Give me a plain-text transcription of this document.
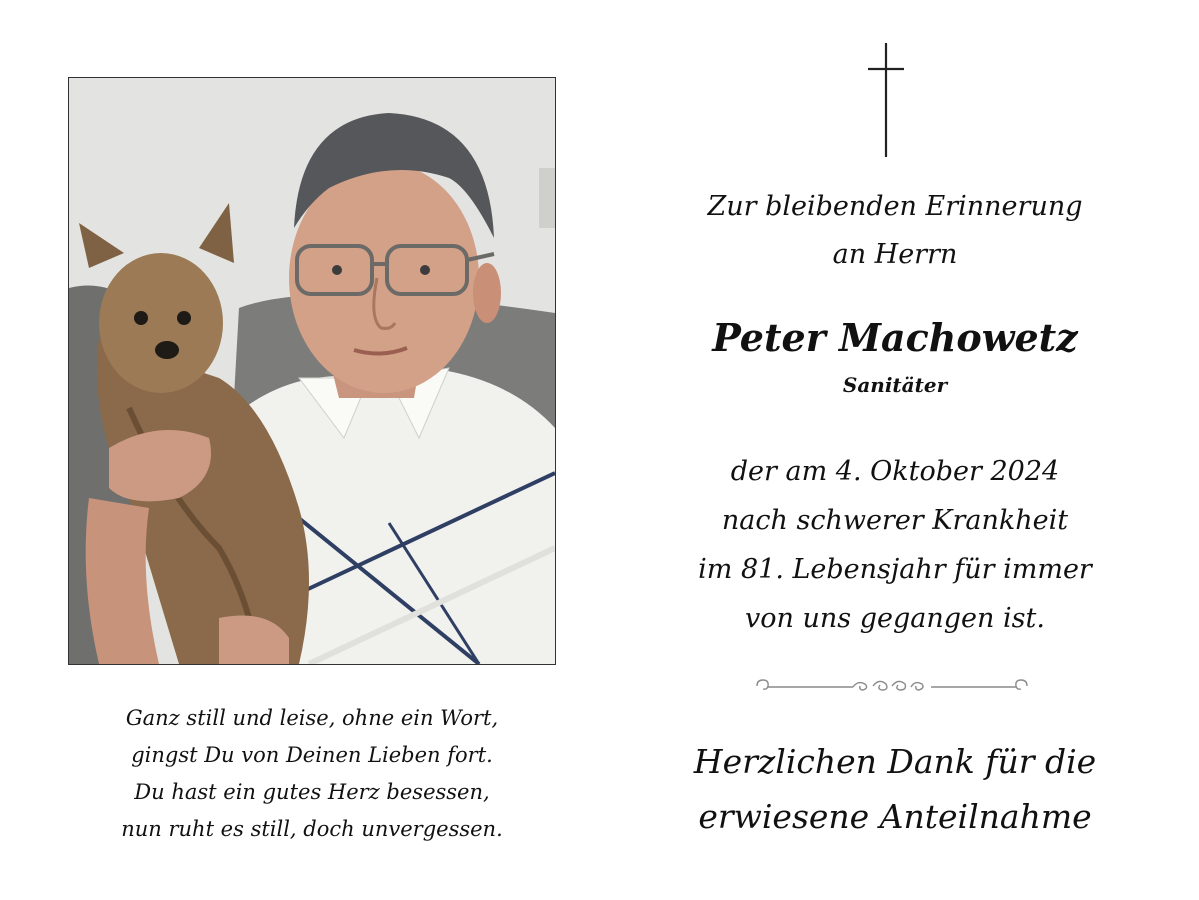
Ganz still und leise, ohne ein Wort,
gingst Du von Deinen Lieben fort.
Du hast ein gutes Herz besessen,
nun ruht es still, doch unvergessen.
Zur bleibenden Erinnerung
an Herrn
Peter Machowetz
Sanitäter
der am 4. Oktober 2024
nach schwerer Krankheit
im 81. Lebensjahr für immer
von uns gegangen ist.
Herzlichen Dank für die
erwiesene Anteilnahme
